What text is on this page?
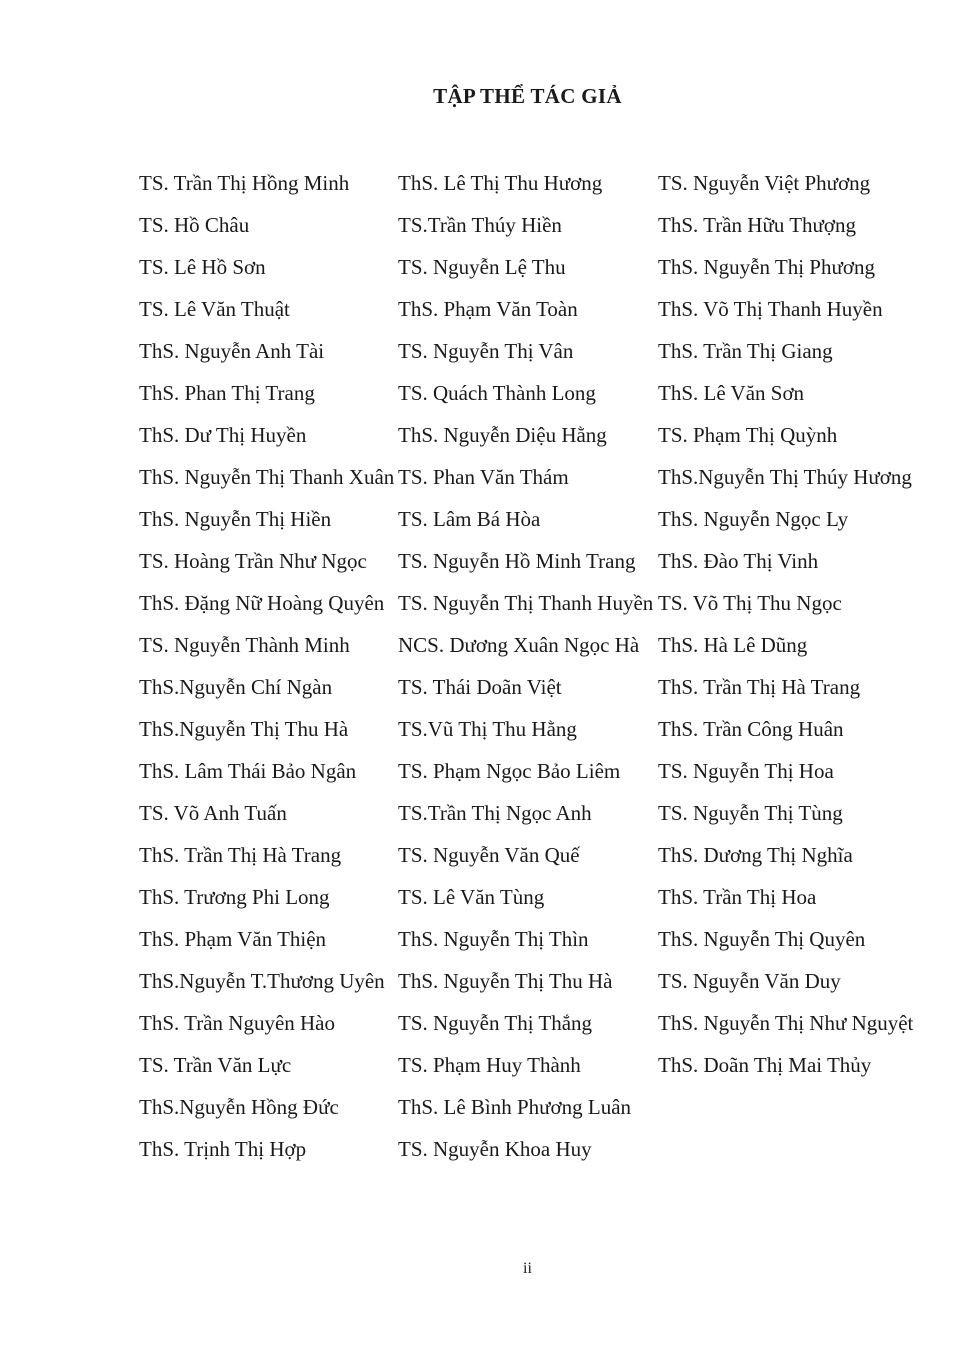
TẬP THỂ TÁC GIẢ
TS. Trần Thị Hồng Minh	ThS. Lê Thị Thu Hương	TS. Nguyễn Việt Phương
TS. Hồ Châu	TS.Trần Thúy Hiền	ThS. Trần Hữu Thượng
TS. Lê Hồ Sơn	TS. Nguyễn Lệ Thu	ThS. Nguyễn Thị Phương
TS. Lê Văn Thuật	ThS. Phạm Văn Toàn	ThS. Võ Thị Thanh Huyền
ThS. Nguyễn Anh Tài	TS. Nguyễn Thị Vân	ThS. Trần Thị Giang
ThS. Phan Thị Trang	TS. Quách Thành Long	ThS. Lê Văn Sơn
ThS. Dư Thị Huyền	ThS. Nguyễn Diệu Hằng	TS. Phạm Thị Quỳnh
ThS. Nguyễn Thị Thanh Xuân TS. Phan Văn Thám	ThS.Nguyễn Thị Thúy Hương
ThS. Nguyễn Thị Hiền	TS. Lâm Bá Hòa	ThS. Nguyễn Ngọc Ly
TS. Hoàng Trần Như Ngọc	TS. Nguyễn Hồ Minh Trang	ThS. Đào Thị Vinh
ThS. Đặng Nữ Hoàng Quyên TS. Nguyễn Thị Thanh Huyền TS. Võ Thị Thu Ngọc
TS. Nguyễn Thành Minh	NCS. Dương Xuân Ngọc Hà ThS. Hà Lê Dũng
ThS.Nguyễn Chí Ngàn	TS. Thái Doãn Việt	ThS. Trần Thị Hà Trang
ThS.Nguyễn Thị Thu Hà	TS.Vũ Thị Thu Hằng	ThS. Trần Công Huân
ThS. Lâm Thái Bảo Ngân	TS. Phạm Ngọc Bảo Liêm	TS. Nguyễn Thị Hoa
TS. Võ Anh Tuấn	TS.Trần Thị Ngọc Anh	TS. Nguyễn Thị Tùng
ThS. Trần Thị Hà Trang	TS. Nguyễn Văn Quế	ThS. Dương Thị Nghĩa
ThS. Trương Phi Long	TS. Lê Văn Tùng	ThS. Trần Thị Hoa
ThS. Phạm Văn Thiện	ThS. Nguyễn Thị Thìn	ThS. Nguyễn Thị Quyên
ThS.Nguyễn T.Thương Uyên ThS. Nguyễn Thị Thu Hà	TS. Nguyễn Văn Duy
ThS. Trần Nguyên Hào	TS. Nguyễn Thị Thắng	ThS. Nguyễn Thị Như Nguyệt
TS. Trần Văn Lực	TS. Phạm Huy Thành	ThS. Doãn Thị Mai Thủy
ThS.Nguyễn Hồng Đức	ThS. Lê Bình Phương Luân
ThS. Trịnh Thị Hợp	TS. Nguyễn Khoa Huy
ii
